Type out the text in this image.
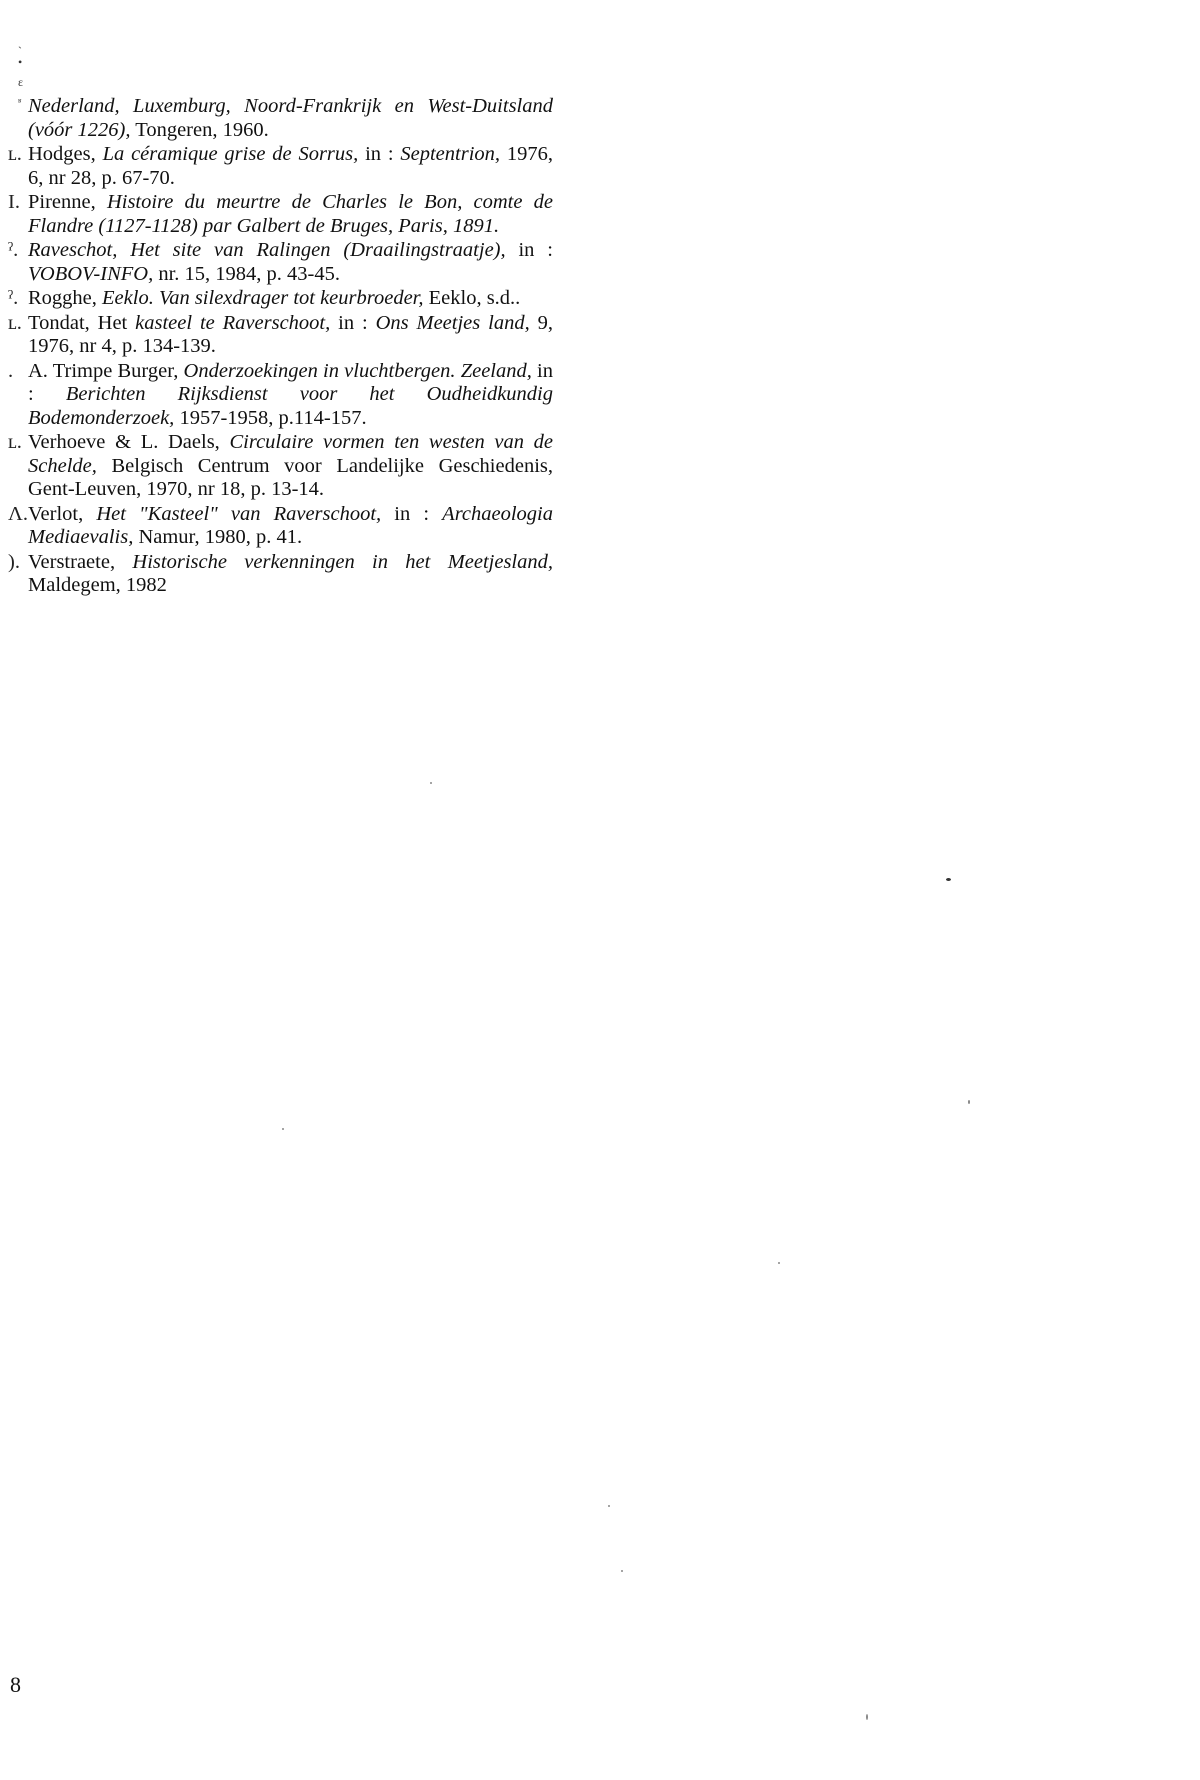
ˏ
•
ɛ
ʶ Nederland, Luxemburg, Noord-Frankrijk en West-Duitsland (vóór 1226), Tongeren, 1960.
ʟ. Hodges, La céramique grise de Sorrus, in : Septentrion, 1976, 6, nr 28, p. 67-70.
I. Pirenne, Histoire du meurtre de Charles le Bon, comte de Flandre (1127-1128) par Galbert de Bruges, Paris, 1891.
ˀ. Raveschot, Het site van Ralingen (Draailingstraatje), in : VOBOV-INFO, nr. 15, 1984, p. 43-45.
ˀ. Rogghe, Eeklo. Van silexdrager tot keurbroeder, Eeklo, s.d..
ʟ. Tondat, Het kasteel te Raverschoot, in : Ons Meetjes land, 9, 1976, nr 4, p. 134-139.
. A. Trimpe Burger, Onderzoekingen in vluchtbergen. Zeeland, in : Berichten Rijksdienst voor het Oudheidkundig Bodemonderzoek, 1957-1958, p.114-157.
ʟ. Verhoeve & L. Daels, Circulaire vormen ten westen van de Schelde, Belgisch Centrum voor Landelijke Geschiedenis, Gent-Leuven, 1970, nr 18, p. 13-14.
Λ. Verlot, Het "Kasteel" van Raverschoot, in : Archaeologia Mediaevalis, Namur, 1980, p. 41.
). Verstraete, Historische verkenningen in het Meetjesland, Maldegem, 1982
8
